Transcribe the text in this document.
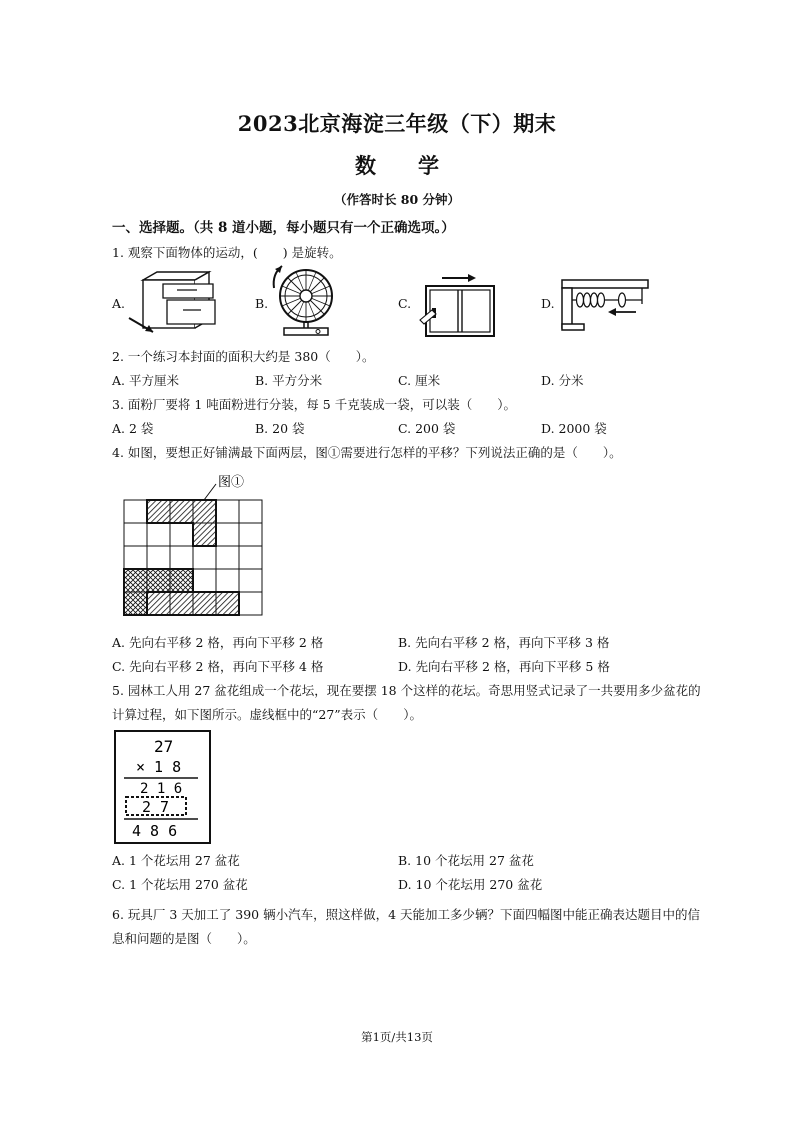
2023北京海淀三年级（下）期末
数　　学
（作答时长 80 分钟）
一、选择题。（共 8 道小题，每小题只有一个正确选项。）
1. 观察下面物体的运动，(　　) 是旋转。
A.	B.	C.	D.
2. 一个练习本封面的面积大约是 380（　　）。
A. 平方厘米	B. 平方分米	C. 厘米	D. 分米
3. 面粉厂要将 1 吨面粉进行分装，每 5 千克装成一袋，可以装（　　）。
A. 2 袋	B. 20 袋	C. 200 袋	D. 2000 袋
4. 如图，要想正好铺满最下面两层，图①需要进行怎样的平移？下列说法正确的是（　　）。
图①
A. 先向右平移 2 格，再向下平移 2 格	B. 先向右平移 2 格，再向下平移 3 格
C. 先向右平移 2 格，再向下平移 4 格	D. 先向右平移 2 格，再向下平移 5 格
5. 园林工人用 27 盆花组成一个花坛，现在要摆 18 个这样的花坛。奇思用竖式记录了一共要用多少盆花的
计算过程，如下图所示。虚线框中的“27”表示（　　）。
27
× 1 8
2 1 6
2 7
4 8 6
A. 1 个花坛用 27 盆花	B. 10 个花坛用 27 盆花
C. 1 个花坛用 270 盆花	D. 10 个花坛用 270 盆花
6. 玩具厂 3 天加工了 390 辆小汽车，照这样做，4 天能加工多少辆？下面四幅图中能正确表达题目中的信
息和问题的是图（　　）。
第1页/共13页
